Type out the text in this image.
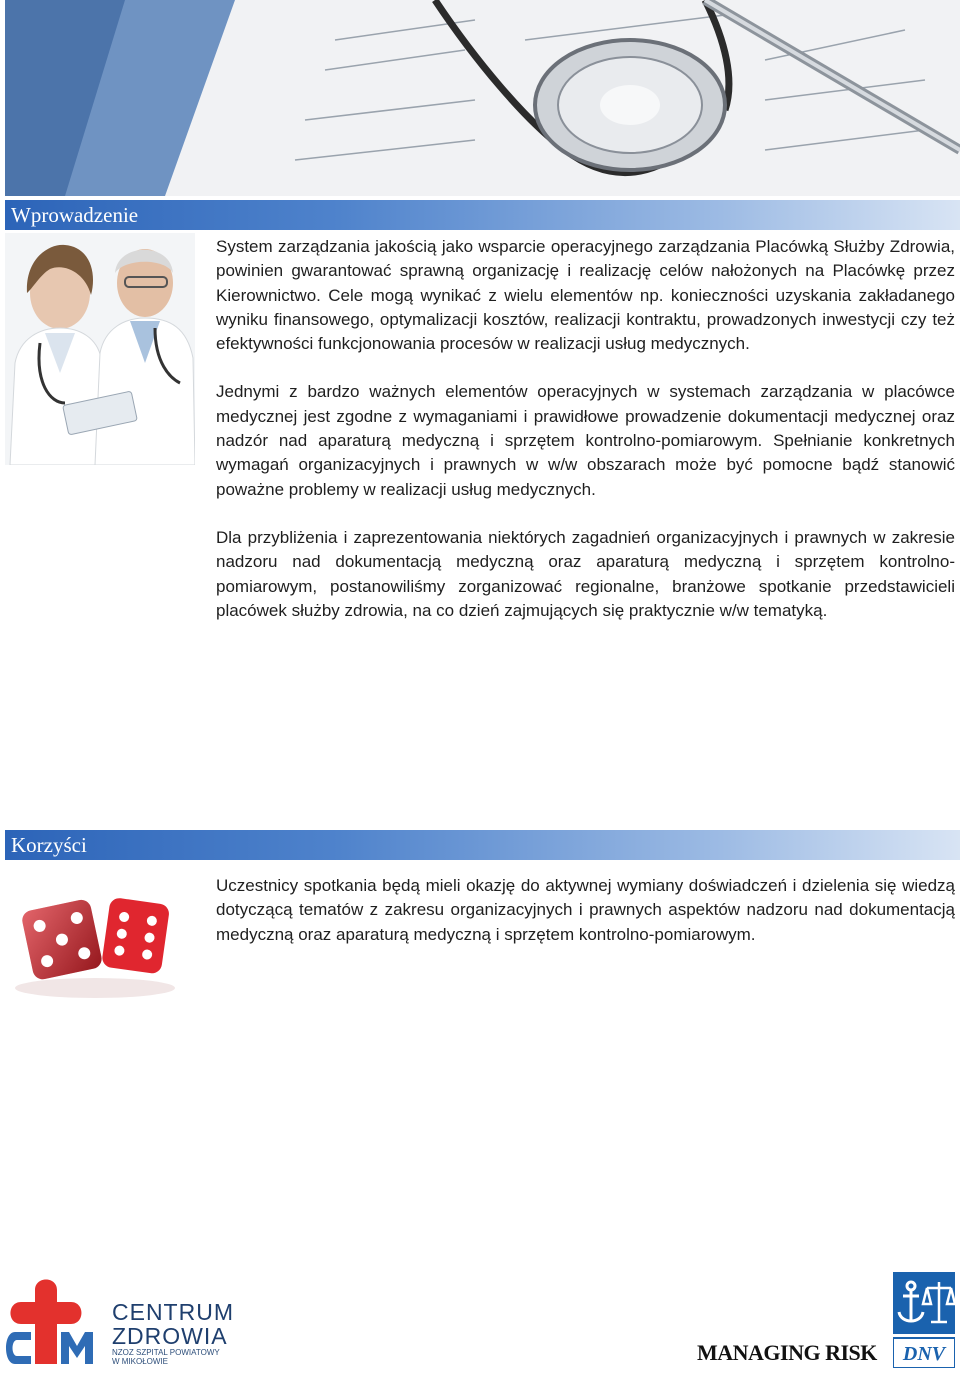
Wprowadzenie

System zarządzania jakością jako wsparcie operacyjnego zarządzania Placówką Służby Zdrowia, powinien gwarantować sprawną organizację i realizację celów nałożonych na Placówkę przez Kierownictwo. Cele mogą wynikać z wielu elementów np. konieczności uzyskania zakładanego wyniku finansowego, optymalizacji kosztów, realizacji kontraktu, prowadzonych inwestycji czy też efektywności funkcjonowania procesów w realizacji usług medycznych.

Jednymi z bardzo ważnych elementów operacyjnych w systemach zarządzania w placówce medycznej jest zgodne z wymaganiami i prawidłowe prowadzenie dokumentacji medycznej oraz nadzór nad aparaturą medyczną i sprzętem kontrolno-pomiarowym. Spełnianie konkretnych wymagań organizacyjnych i prawnych w w/w obszarach może być pomocne bądź stanowić poważne problemy w realizacji usług medycznych.

Dla przybliżenia i zaprezentowania niektórych zagadnień organizacyjnych i prawnych w zakresie nadzoru nad dokumentacją medyczną oraz aparaturą medyczną i sprzętem kontrolno-pomiarowym, postanowiliśmy zorganizować regionalne, branżowe spotkanie przedstawicieli placówek służby zdrowia, na co dzień zajmujących się praktycznie w/w tematyką.

Korzyści

Uczestnicy spotkania będą mieli okazję do aktywnej wymiany doświadczeń i dzielenia się wiedzą dotyczącą tematów z zakresu organizacyjnych i prawnych aspektów nadzoru nad dokumentacją medyczną oraz aparaturą medyczną i sprzętem kontrolno-pomiarowym.

CENTRUM
ZDROWIA
NZOZ SZPITAL POWIATOWY
W MIKOŁOWIE	MANAGING RISK DNV
